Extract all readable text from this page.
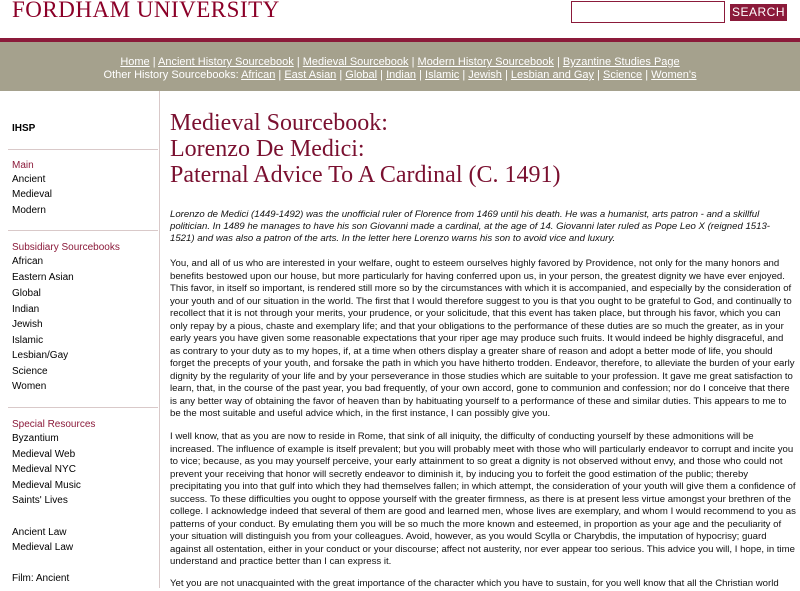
FORDHAM UNIVERSITY	SEARCH
Home | Ancient History Sourcebook | Medieval Sourcebook | Modern History Sourcebook | Byzantine Studies Page
Other History Sourcebooks: African | East Asian | Global | Indian | Islamic | Jewish | Lesbian and Gay | Science | Women's
IHSP
Main
Ancient
Medieval
Modern
Subsidiary Sourcebooks
African
Eastern Asian
Global
Indian
Jewish
Islamic
Lesbian/Gay
Science
Women
Special Resources
Byzantium
Medieval Web
Medieval NYC
Medieval Music
Saints' Lives
Ancient Law
Medieval Law
Film: Ancient
Medieval Sourcebook:
Lorenzo De Medici:
Paternal Advice To A Cardinal (C. 1491)

Lorenzo de Medici (1449-1492) was the unofficial ruler of Florence from 1469 until his death. He was a humanist, arts patron - and a skillful politician. In 1489 he manages to have his son Giovanni made a cardinal, at the age of 14. Giovanni later ruled as Pope Leo X (reigned 1513-1521) and was also a patron of the arts. In the letter here Lorenzo warns his son to avoid vice and luxury.

You, and all of us who are interested in your welfare, ought to esteem ourselves highly favored by Providence, not only for the many honors and benefits bestowed upon our house, but more particularly for having conferred upon us, in your person, the greatest dignity we have ever enjoyed. This favor, in itself so important, is rendered still more so by the circumstances with which it is accompanied, and especially by the consideration of your youth and of our situation in the world. The first that I would therefore suggest to you is that you ought to be grateful to God, and continually to recollect that it is not through your merits, your prudence, or your solicitude, that this event has taken place, but through his favor, which you can only repay by a pious, chaste and exemplary life; and that your obligations to the performance of these duties are so much the greater, as in your early years you have given some reasonable expectations that your riper age may produce such fruits. It would indeed be highly disgraceful, and as contrary to your duty as to my hopes, if, at a time when others display a greater share of reason and adopt a better mode of life, you should forget the precepts of your youth, and forsake the path in which you have hitherto trodden. Endeavor, therefore, to alleviate the burden of your early dignity by the regularity of your life and by your perseverance in those studies which are suitable to your profession. It gave me great satisfaction to learn, that, in the course of the past year, you bad frequently, of your own accord, gone to communion and confession; nor do I conceive that there is any better way of obtaining the favor of heaven than by habituating yourself to a performance of these and similar duties. This appears to me to be the most suitable and useful advice which, in the first instance, I can possibly give you.

I well know, that as you are now to reside in Rome, that sink of all iniquity, the difficulty of conducting yourself by these admonitions will be increased. The influence of example is itself prevalent; but you will probably meet with those who will particularly endeavor to corrupt and incite you to vice; because, as you may yourself perceive, your early attainment to so great a dignity is not observed without envy, and those who could not prevent your receiving that honor will secretly endeavor to diminish it, by inducing you to forfeit the good estimation of the public; thereby precipitating you into that gulf into which they had themselves fallen; in which attempt, the consideration of your youth will give them a confidence of success. To these difficulties you ought to oppose yourself with the greater firmness, as there is at present less virtue amongst your brethren of the college. I acknowledge indeed that several of them are good and learned men, whose lives are exemplary, and whom I would recommend to you as patterns of your conduct. By emulating them you will be so much the more known and esteemed, in proportion as your age and the peculiarity of your situation will distinguish you from your colleagues. Avoid, however, as you would Scylla or Charybdis, the imputation of hypocrisy; guard against all ostentation, either in your conduct or your discourse; affect not austerity, nor ever appear too serious. This advice you will, I hope, in time understand and practice better than I can express it.

Yet you are not unacquainted with the great importance of the character which you have to sustain, for you well know that all the Christian world
